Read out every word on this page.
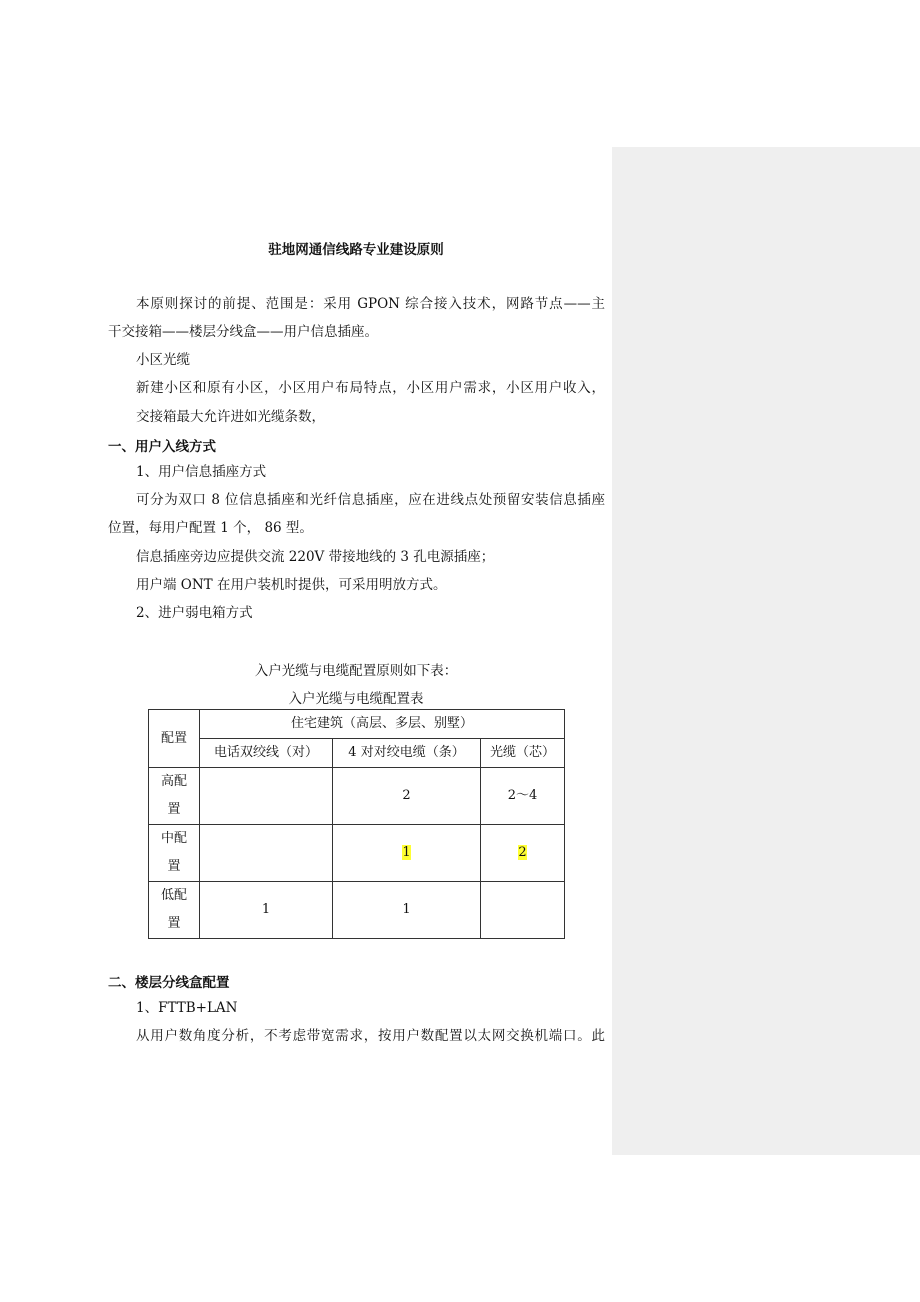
驻地网通信线路专业建设原则
本原则探讨的前提、范围是：采用 GPON 综合接入技术，网路节点——主
干交接箱——楼层分线盒——用户信息插座。
小区光缆
新建小区和原有小区，小区用户布局特点，小区用户需求，小区用户收入，
交接箱最大允许进如光缆条数，
一、用户入线方式
1、用户信息插座方式
可分为双口 8 位信息插座和光纤信息插座，应在进线点处预留安装信息插座
位置，每用户配置 1 个， 86 型。
信息插座旁边应提供交流 220V 带接地线的 3 孔电源插座；
用户端 ONT 在用户装机时提供，可采用明放方式。
2、进户弱电箱方式
入户光缆与电缆配置原则如下表：
入户光缆与电缆配置表
配置	住宅建筑（高层、多层、别墅）		
	电话双绞线（对）	4 对对绞电缆（条）	光缆（芯）

高配
置		2	2～4

中配
置		1	2

低配
置	1	1	
二、楼层分线盒配置
1、FTTB+LAN
从用户数角度分析，不考虑带宽需求，按用户数配置以太网交换机端口。此
